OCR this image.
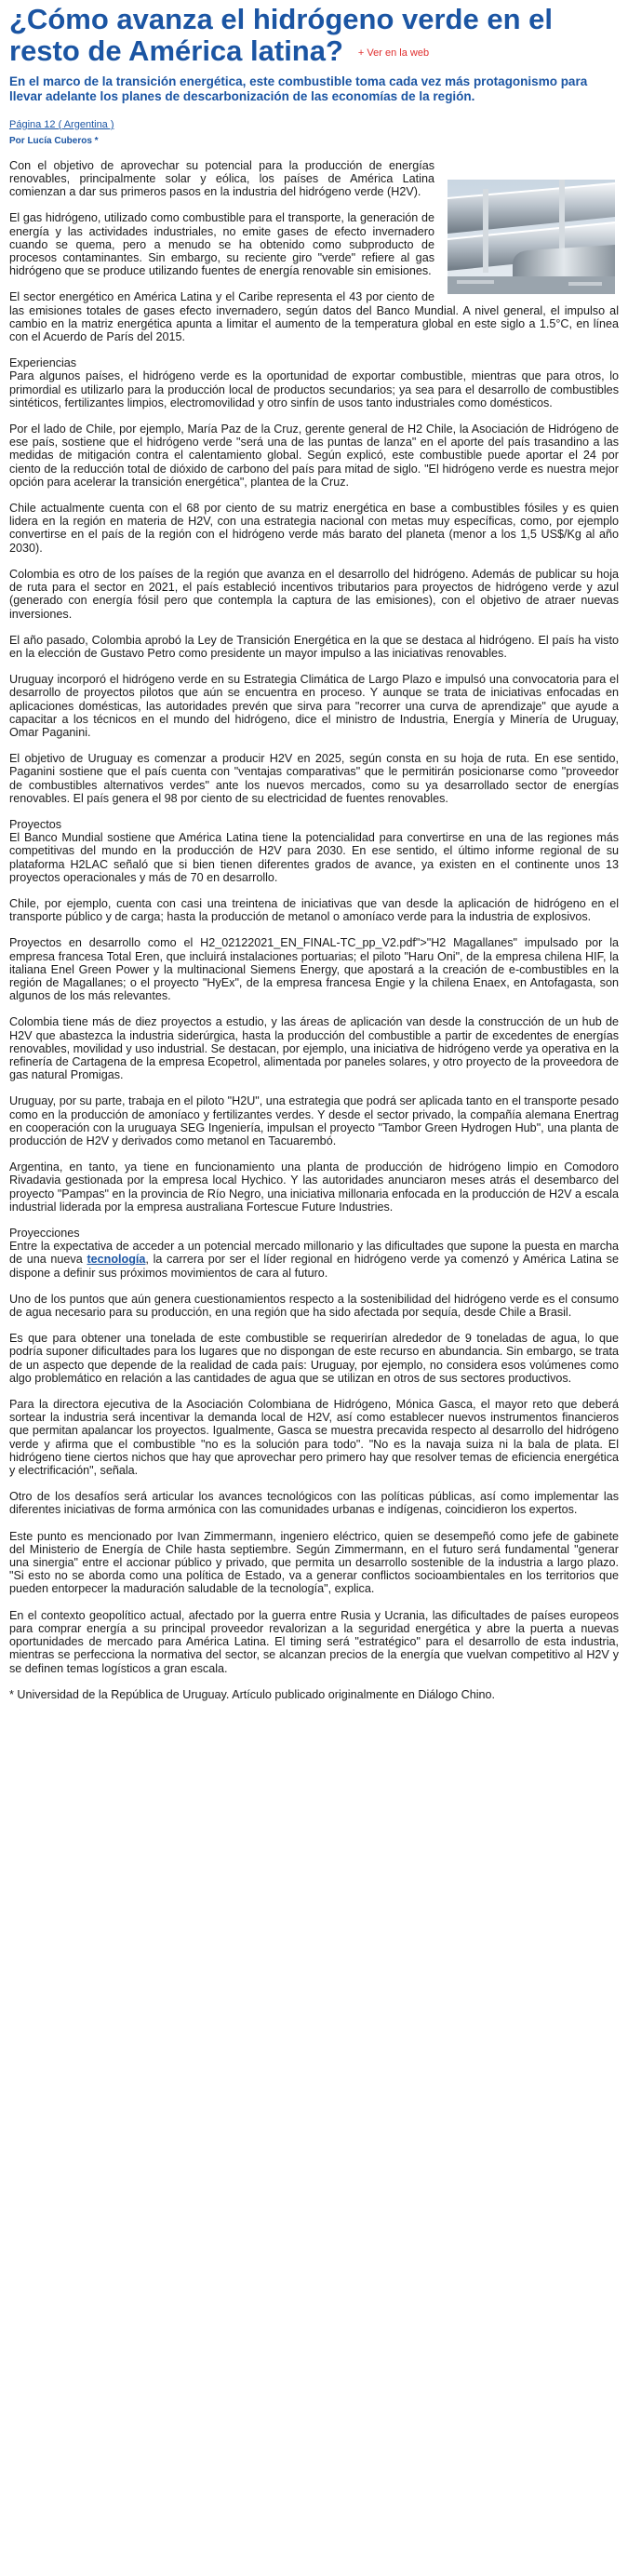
¿Cómo avanza el hidrógeno verde en el resto de América latina? + Ver en la web

En el marco de la transición energética, este combustible toma cada vez más protagonismo para llevar adelante los planes de descarbonización de las economías de la región.

Página 12 ( Argentina )

Por Lucía Cuberos *

Con el objetivo de aprovechar su potencial para la producción de energías renovables, principalmente solar y eólica, los países de América Latina comienzan a dar sus primeros pasos en la industria del hidrógeno verde (H2V).

El gas hidrógeno, utilizado como combustible para el transporte, la generación de energía y las actividades industriales, no emite gases de efecto invernadero cuando se quema, pero a menudo se ha obtenido como subproducto de procesos contaminantes. Sin embargo, su reciente giro "verde" refiere al gas hidrógeno que se produce utilizando fuentes de energía renovable sin emisiones.

El sector energético en América Latina y el Caribe representa el 43 por ciento de las emisiones totales de gases efecto invernadero, según datos del Banco Mundial. A nivel general, el impulso al cambio en la matriz energética apunta a limitar el aumento de la temperatura global en este siglo a 1.5°C, en línea con el Acuerdo de París del 2015.

Experiencias

Para algunos países, el hidrógeno verde es la oportunidad de exportar combustible, mientras que para otros, lo primordial es utilizarlo para la producción local de productos secundarios; ya sea para el desarrollo de combustibles sintéticos, fertilizantes limpios, electromovilidad y otro sinfín de usos tanto industriales como domésticos.

Por el lado de Chile, por ejemplo, María Paz de la Cruz, gerente general de H2 Chile, la Asociación de Hidrógeno de ese país, sostiene que el hidrógeno verde "será una de las puntas de lanza" en el aporte del país trasandino a las medidas de mitigación contra el calentamiento global. Según explicó, este combustible puede aportar el 24 por ciento de la reducción total de dióxido de carbono del país para mitad de siglo. "El hidrógeno verde es nuestra mejor opción para acelerar la transición energética", plantea de la Cruz.

Chile actualmente cuenta con el 68 por ciento de su matriz energética en base a combustibles fósiles y es quien lidera en la región en materia de H2V, con una estrategia nacional con metas muy específicas, como, por ejemplo convertirse en el país de la región con el hidrógeno verde más barato del planeta (menor a los 1,5 US$/Kg al año 2030).

Colombia es otro de los países de la región que avanza en el desarrollo del hidrógeno. Además de publicar su hoja de ruta para el sector en 2021, el país estableció incentivos tributarios para proyectos de hidrógeno verde y azul (generado con energía fósil pero que contempla la captura de las emisiones), con el objetivo de atraer nuevas inversiones.

El año pasado, Colombia aprobó la Ley de Transición Energética en la que se destaca al hidrógeno. El país ha visto en la elección de Gustavo Petro como presidente un mayor impulso a las iniciativas renovables.

Uruguay incorporó el hidrógeno verde en su Estrategia Climática de Largo Plazo e impulsó una convocatoria para el desarrollo de proyectos pilotos que aún se encuentra en proceso. Y aunque se trata de iniciativas enfocadas en aplicaciones domésticas, las autoridades prevén que sirva para "recorrer una curva de aprendizaje" que ayude a capacitar a los técnicos en el mundo del hidrógeno, dice el ministro de Industria, Energía y Minería de Uruguay, Omar Paganini.

El objetivo de Uruguay es comenzar a producir H2V en 2025, según consta en su hoja de ruta. En ese sentido, Paganini sostiene que el país cuenta con "ventajas comparativas" que le permitirán posicionarse como "proveedor de combustibles alternativos verdes" ante los nuevos mercados, como su ya desarrollado sector de energías renovables. El país genera el 98 por ciento de su electricidad de fuentes renovables.

Proyectos

El Banco Mundial sostiene que América Latina tiene la potencialidad para convertirse en una de las regiones más competitivas del mundo en la producción de H2V para 2030. En ese sentido, el último informe regional de su plataforma H2LAC señaló que si bien tienen diferentes grados de avance, ya existen en el continente unos 13 proyectos operacionales y más de 70 en desarrollo.

Chile, por ejemplo, cuenta con casi una treintena de iniciativas que van desde la aplicación de hidrógeno en el transporte público y de carga; hasta la producción de metanol o amoníaco verde para la industria de explosivos.

Proyectos en desarrollo como el H2_02122021_EN_FINAL-TC_pp_V2.pdf">"H2 Magallanes" impulsado por la empresa francesa Total Eren, que incluirá instalaciones portuarias; el piloto "Haru Oni", de la empresa chilena HIF, la italiana Enel Green Power y la multinacional Siemens Energy, que apostará a la creación de e-combustibles en la región de Magallanes; o el proyecto "HyEx", de la empresa francesa Engie y la chilena Enaex, en Antofagasta, son algunos de los más relevantes.

Colombia tiene más de diez proyectos a estudio, y las áreas de aplicación van desde la construcción de un hub de H2V que abastezca la industria siderúrgica, hasta la producción del combustible a partir de excedentes de energías renovables, movilidad y uso industrial. Se destacan, por ejemplo, una iniciativa de hidrógeno verde ya operativa en la refinería de Cartagena de la empresa Ecopetrol, alimentada por paneles solares, y otro proyecto de la proveedora de gas natural Promigas.

Uruguay, por su parte, trabaja en el piloto "H2U", una estrategia que podrá ser aplicada tanto en el transporte pesado como en la producción de amoníaco y fertilizantes verdes. Y desde el sector privado, la compañía alemana Enertrag en cooperación con la uruguaya SEG Ingeniería, impulsan el proyecto "Tambor Green Hydrogen Hub", una planta de producción de H2V y derivados como metanol en Tacuarembó.

Argentina, en tanto, ya tiene en funcionamiento una planta de producción de hidrógeno limpio en Comodoro Rivadavia gestionada por la empresa local Hychico. Y las autoridades anunciaron meses atrás el desembarco del proyecto "Pampas" en la provincia de Río Negro, una iniciativa millonaria enfocada en la producción de H2V a escala industrial liderada por la empresa australiana Fortescue Future Industries.

Proyecciones

Entre la expectativa de acceder a un potencial mercado millonario y las dificultades que supone la puesta en marcha de una nueva tecnología, la carrera por ser el líder regional en hidrógeno verde ya comenzó y América Latina se dispone a definir sus próximos movimientos de cara al futuro.

Uno de los puntos que aún genera cuestionamientos respecto a la sostenibilidad del hidrógeno verde es el consumo de agua necesario para su producción, en una región que ha sido afectada por sequía, desde Chile a Brasil.

Es que para obtener una tonelada de este combustible se requerirían alrededor de 9 toneladas de agua, lo que podría suponer dificultades para los lugares que no dispongan de este recurso en abundancia. Sin embargo, se trata de un aspecto que depende de la realidad de cada país: Uruguay, por ejemplo, no considera esos volúmenes como algo problemático en relación a las cantidades de agua que se utilizan en otros de sus sectores productivos.

Para la directora ejecutiva de la Asociación Colombiana de Hidrógeno, Mónica Gasca, el mayor reto que deberá sortear la industria será incentivar la demanda local de H2V, así como establecer nuevos instrumentos financieros que permitan apalancar los proyectos. Igualmente, Gasca se muestra precavida respecto al desarrollo del hidrógeno verde y afirma que el combustible "no es la solución para todo". "No es la navaja suiza ni la bala de plata. El hidrógeno tiene ciertos nichos que hay que aprovechar pero primero hay que resolver temas de eficiencia energética y electrificación", señala.

Otro de los desafíos será articular los avances tecnológicos con las políticas públicas, así como implementar las diferentes iniciativas de forma armónica con las comunidades urbanas e indígenas, coincidieron los expertos.

Este punto es mencionado por Ivan Zimmermann, ingeniero eléctrico, quien se desempeñó como jefe de gabinete del Ministerio de Energía de Chile hasta septiembre. Según Zimmermann, en el futuro será fundamental "generar una sinergia" entre el accionar público y privado, que permita un desarrollo sostenible de la industria a largo plazo. "Si esto no se aborda como una política de Estado, va a generar conflictos socioambientales en los territorios que pueden entorpecer la maduración saludable de la tecnología", explica.

En el contexto geopolítico actual, afectado por la guerra entre Rusia y Ucrania, las dificultades de países europeos para comprar energía a su principal proveedor revalorizan a la seguridad energética y abre la puerta a nuevas oportunidades de mercado para América Latina. El timing será "estratégico" para el desarrollo de esta industria, mientras se perfecciona la normativa del sector, se alcanzan precios de la energía que vuelvan competitivo al H2V y se definen temas logísticos a gran escala.

* Universidad de la República de Uruguay. Artículo publicado originalmente en Diálogo Chino.
